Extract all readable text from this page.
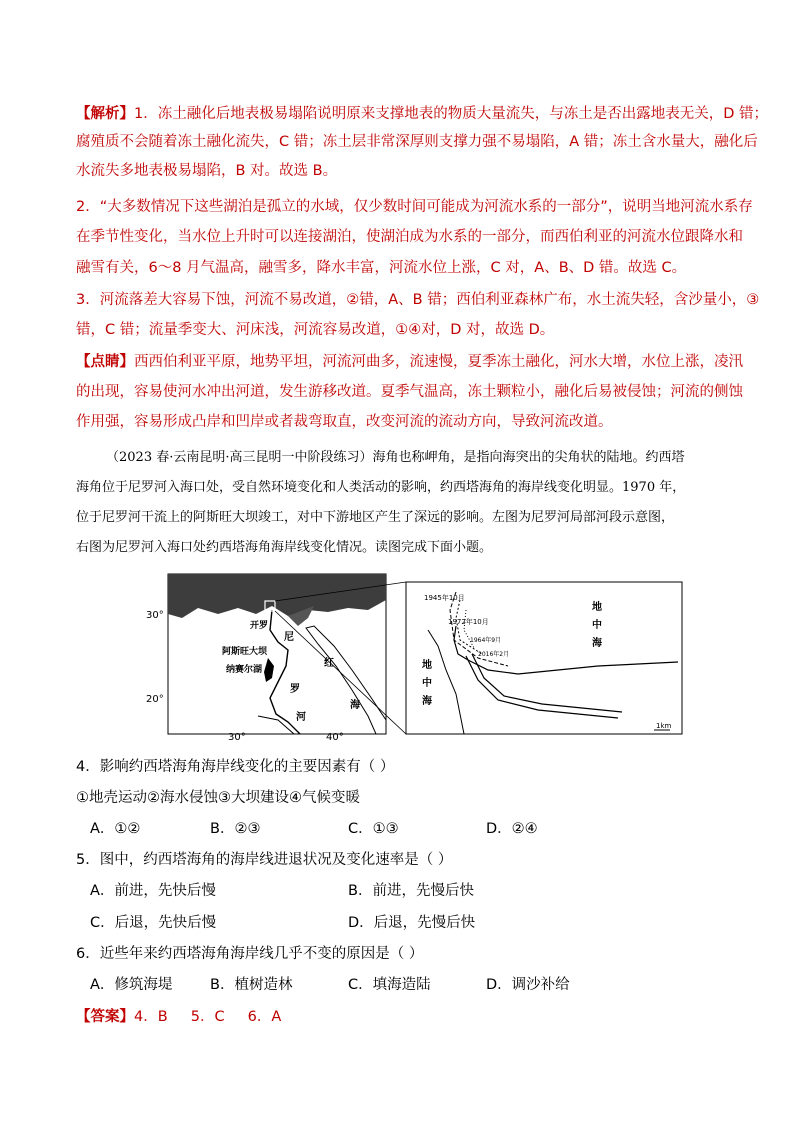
【解析】1．冻土融化后地表极易塌陷说明原来支撑地表的物质大量流失，与冻土是否出露地表无关，D 错；
腐殖质不会随着冻土融化流失，C 错；冻土层非常深厚则支撑力强不易塌陷，A 错；冻土含水量大，融化后
水流失多地表极易塌陷，B 对。故选 B。
2．“大多数情况下这些湖泊是孤立的水域，仅少数时间可能成为河流水系的一部分”，说明当地河流水系存
在季节性变化，当水位上升时可以连接湖泊，使湖泊成为水系的一部分，而西伯利亚的河流水位跟降水和
融雪有关，6～8 月气温高，融雪多，降水丰富，河流水位上涨，C 对，A、B、D 错。故选 C。
3．河流落差大容易下蚀，河流不易改道，②错，A、B 错；西伯利亚森林广布，水土流失轻，含沙量小，③
错，C 错；流量季变大、河床浅，河流容易改道，①④对，D 对，故选 D。
【点睛】西西伯利亚平原，地势平坦，河流河曲多，流速慢，夏季冻土融化，河水大增，水位上涨，凌汛
的出现，容易使河水冲出河道，发生游移改道。夏季气温高，冻土颗粒小，融化后易被侵蚀；河流的侧蚀
作用强，容易形成凸岸和凹岸或者裁弯取直，改变河流的流动方向，导致河流改道。
（2023 春·云南昆明·高三昆明一中阶段练习）海角也称岬角，是指向海突出的尖角状的陆地。约西塔
海角位于尼罗河入海口处，受自然环境变化和人类活动的影响，约西塔海角的海岸线变化明显。1970 年，
位于尼罗河干流上的阿斯旺大坝竣工，对中下游地区产生了深远的影响。左图为尼罗河局部河段示意图，
右图为尼罗河入海口处约西塔海角海岸线变化情况。读图完成下面小题。
30°
20°
30°	40°
开罗
阿斯旺大坝
纳赛尔湖
尼
罗
河
红
海
1945年10月
1972年10月
1964年9月
2016年2月
地
中
海
地
中
海
1km
4．影响约西塔海角海岸线变化的主要因素有（ ）
①地壳运动②海水侵蚀③大坝建设④气候变暖
A．①②	B．②③	C．①③	D．②④
5．图中，约西塔海角的海岸线进退状况及变化速率是（ ）
A．前进，先快后慢	B．前进，先慢后快
C．后退，先快后慢	D．后退，先慢后快
6．近些年来约西塔海角海岸线几乎不变的原因是（ ）
A．修筑海堤	B．植树造林	C．填海造陆	D．调沙补给
【答案】4．B     5．C     6．A
